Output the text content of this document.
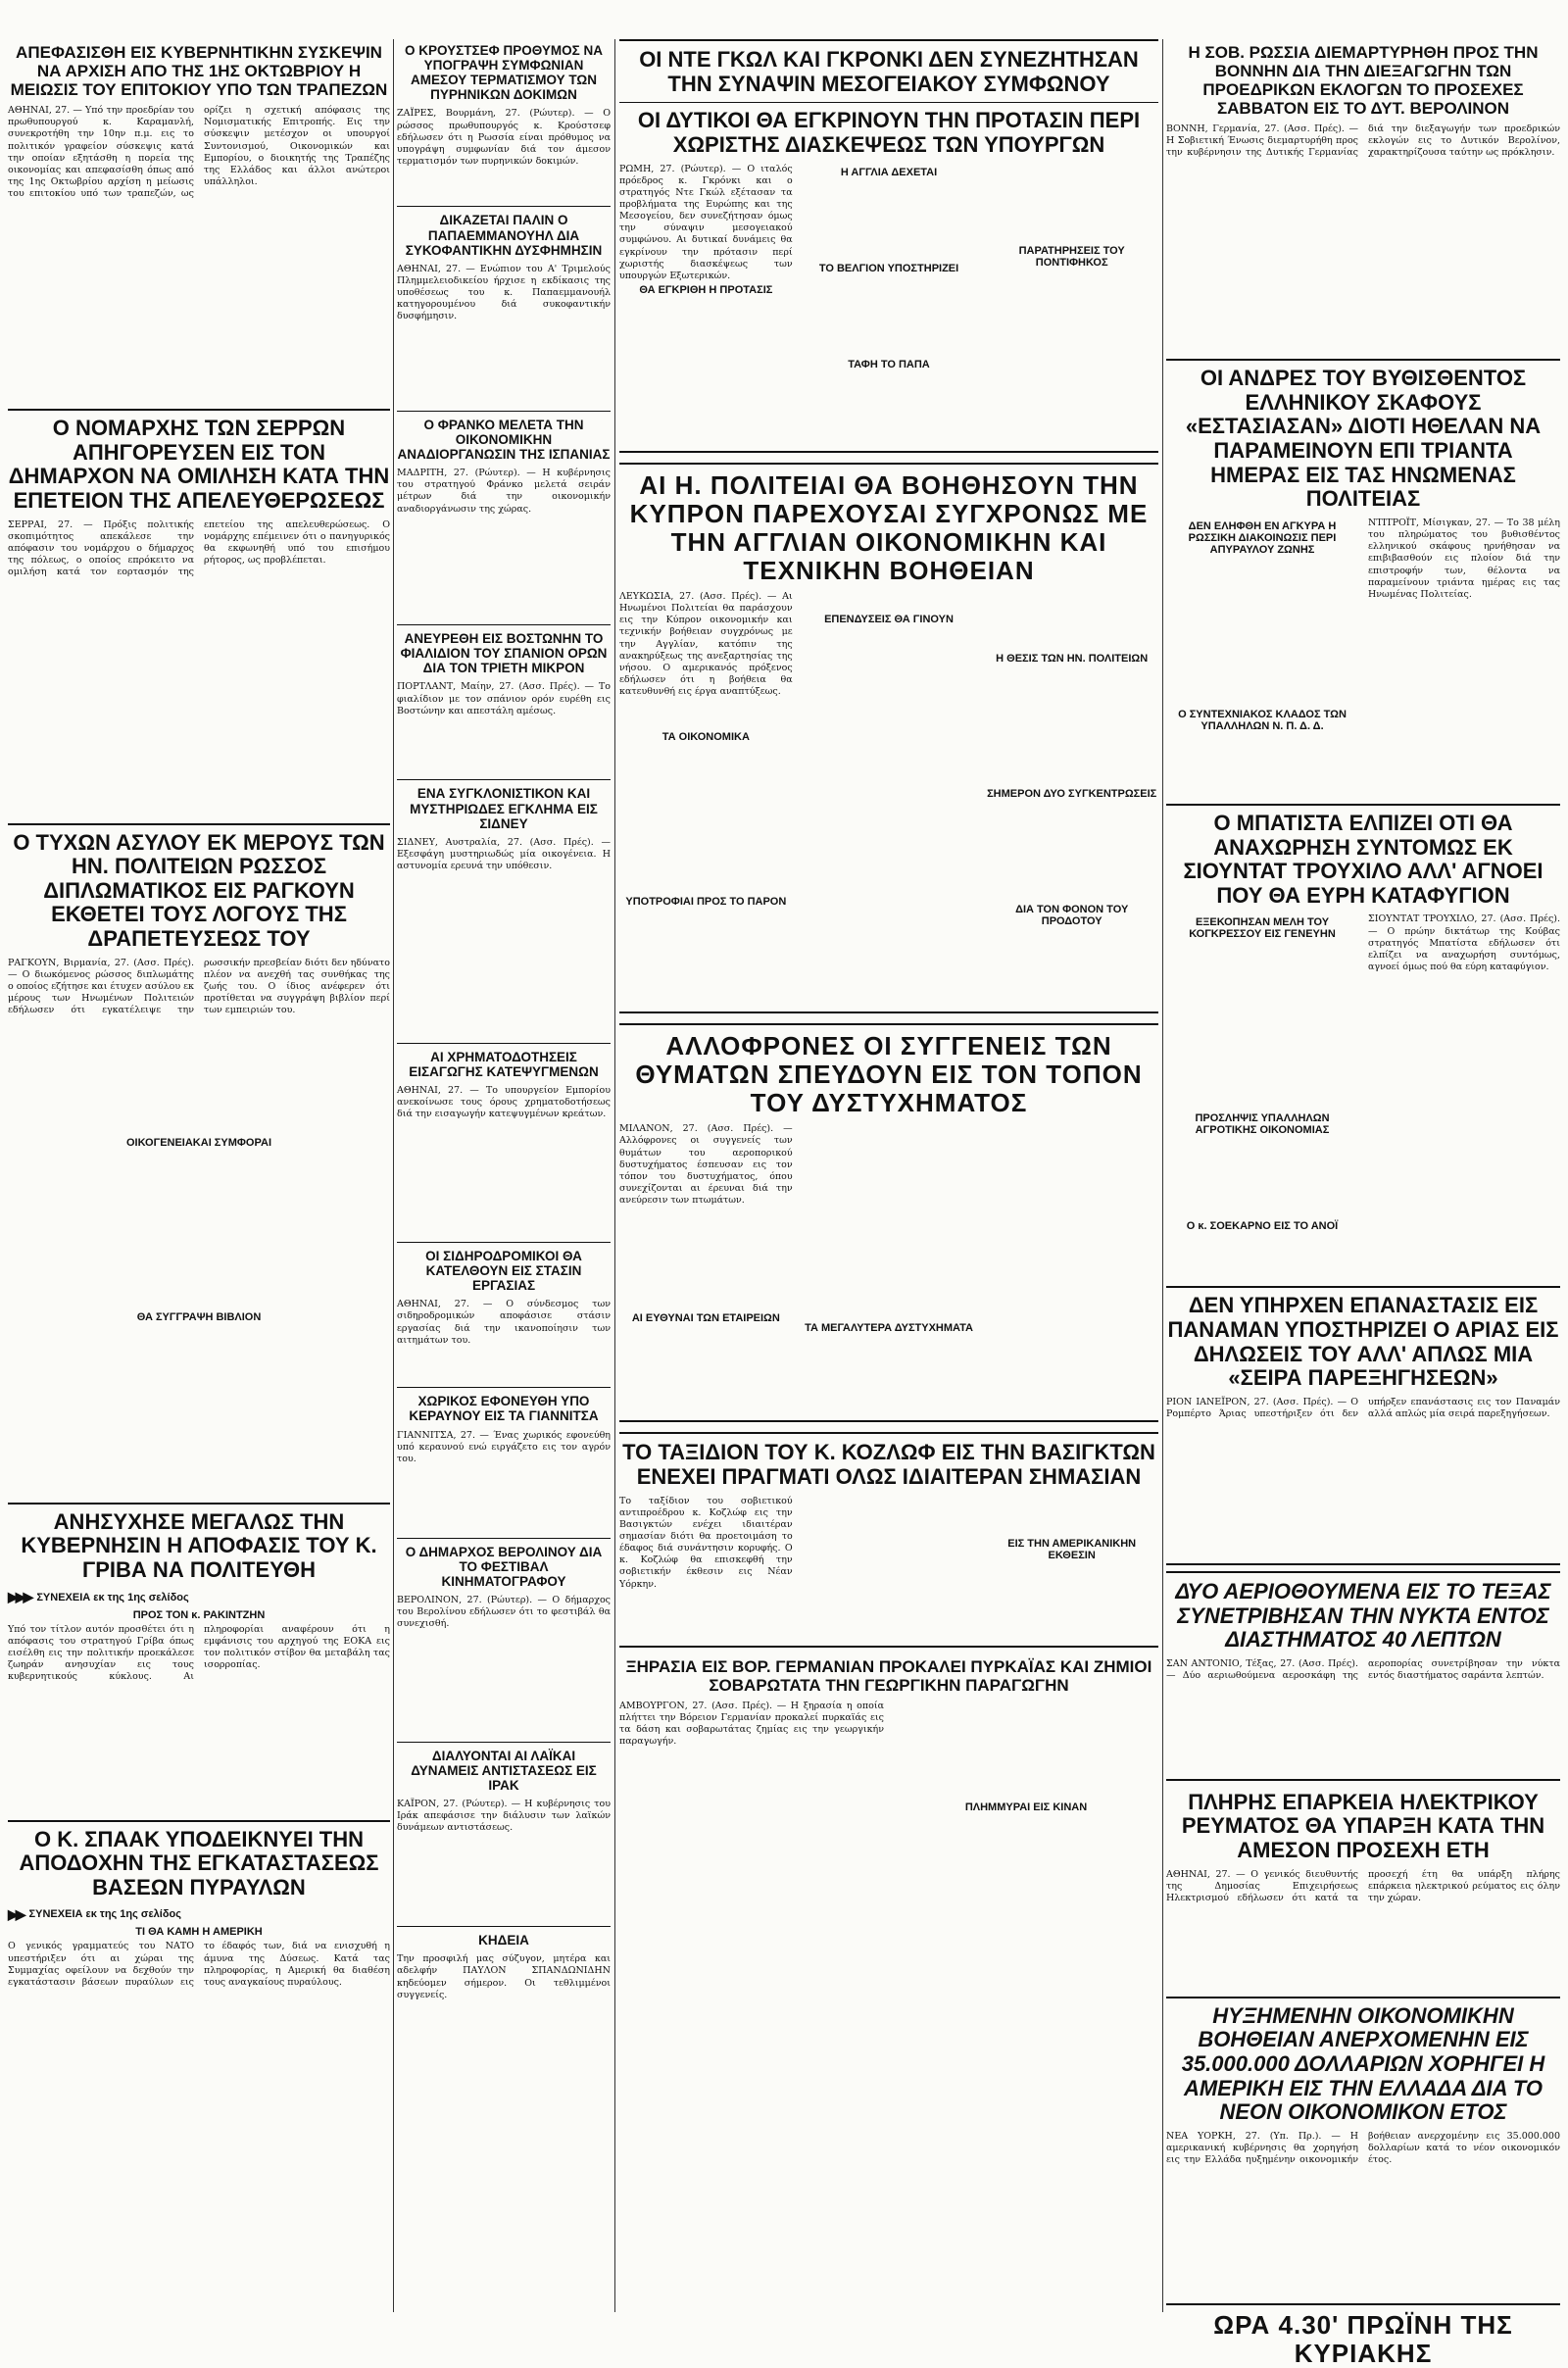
ΑΠΕΦΑΣΙΣΘΗ ΕΙΣ ΚΥΒΕΡΝΗΤΙΚΗΝ ΣΥΣΚΕΨΙΝ ΝΑ ΑΡΧΙΣΗ ΑΠΟ ΤΗΣ 1ΗΣ ΟΚΤΩΒΡΙΟΥ Η ΜΕΙΩΣΙΣ ΤΟΥ ΕΠΙΤΟΚΙΟΥ ΥΠΟ ΤΩΝ ΤΡΑΠΕΖΩΝ

ΑΘΗΝΑΙ, 27. — Υπό την προεδρίαν του πρωθυπουργού κ. Καραμανλή, συνεκροτήθη την 10ην π.μ. εις το πολιτικόν γραφείον σύσκεψις κατά την οποίαν εξητάσθη η πορεία της οικονομίας και απεφασίσθη όπως από της 1ης Οκτωβρίου αρχίση η μείωσις του επιτοκίου υπό των τραπεζών, ως ορίζει η σχετική απόφασις της Νομισματικής Επιτροπής. Εις την σύσκεψιν μετέσχον οι υπουργοί Συντονισμού, Οικονομικών και Εμπορίου, ο διοικητής της Τραπέζης της Ελλάδος και άλλοι ανώτεροι υπάλληλοι.

Ο ΝΟΜΑΡΧΗΣ ΤΩΝ ΣΕΡΡΩΝ ΑΠΗΓΟΡΕΥΣΕΝ ΕΙΣ ΤΟΝ ΔΗΜΑΡΧΟΝ ΝΑ ΟΜΙΛΗΣΗ ΚΑΤΑ ΤΗΝ ΕΠΕΤΕΙΟΝ ΤΗΣ ΑΠΕΛΕΥΘΕΡΩΣΕΩΣ

ΣΕΡΡΑΙ, 27. — Πρόξις πολιτικής σκοπιμότητος απεκάλεσε την απόφασιν του νομάρχου ο δήμαρχος της πόλεως, ο οποίος επρόκειτο να ομιλήση κατά τον εορτασμόν της επετείου της απελευθερώσεως. Ο νομάρχης επέμεινεν ότι ο πανηγυρικός θα εκφωνηθή υπό του επισήμου ρήτορος, ως προβλέπεται.

Ο ΤΥΧΩΝ ΑΣΥΛΟΥ ΕΚ ΜΕΡΟΥΣ ΤΩΝ ΗΝ. ΠΟΛΙΤΕΙΩΝ ΡΩΣΣΟΣ ΔΙΠΛΩΜΑΤΙΚΟΣ ΕΙΣ ΡΑΓΚΟΥΝ ΕΚΘΕΤΕΙ ΤΟΥΣ ΛΟΓΟΥΣ ΤΗΣ ΔΡΑΠΕΤΕΥΣΕΩΣ ΤΟΥ

ΡΑΓΚΟΥΝ, Βιρμανία, 27. (Ασσ. Πρές). — Ο διωκόμενος ρώσσος διπλωμάτης ο οποίος εζήτησε και έτυχεν ασύλου εκ μέρους των Ηνωμένων Πολιτειών εδήλωσεν ότι εγκατέλειψε την ρωσσικήν πρεσβείαν διότι δεν ηδύνατο πλέον να ανεχθή τας συνθήκας της ζωής του. Ο ίδιος ανέφερεν ότι προτίθεται να συγγράψη βιβλίον περί των εμπειριών του.

ΟΙΚΟΓΕΝΕΙΑΚΑΙ ΣΥΜΦΟΡΑΙ
ΘΑ ΣΥΓΓΡΑΨΗ ΒΙΒΛΙΟΝ
ΑΝΗΣΥΧΗΣΕ ΜΕΓΑΛΩΣ ΤΗΝ ΚΥΒΕΡΝΗΣΙΝ Η ΑΠΟΦΑΣΙΣ ΤΟΥ Κ. ΓΡΙΒΑ ΝΑ ΠΟΛΙΤΕΥΘΗ
▶▶▶ ΣΥΝΕΧΕΙΑ εκ της 1ης σελίδος
ΠΡΟΣ ΤΟΝ κ. ΡΑΚΙΝΤΖΗΝ

Υπό τον τίτλον αυτόν προσθέτει ότι η απόφασις του στρατηγού Γρίβα όπως εισέλθη εις την πολιτικήν προεκάλεσε ζωηράν ανησυχίαν εις τους κυβερνητικούς κύκλους. Αι πληροφορίαι αναφέρουν ότι η εμφάνισις του αρχηγού της ΕΟΚΑ εις τον πολιτικόν στίβον θα μεταβάλη τας ισορροπίας.

Ο Κ. ΣΠΑΑΚ ΥΠΟΔΕΙΚΝΥΕΙ ΤΗΝ ΑΠΟΔΟΧΗΝ ΤΗΣ ΕΓΚΑΤΑΣΤΑΣΕΩΣ ΒΑΣΕΩΝ ΠΥΡΑΥΛΩΝ
▶▶ ΣΥΝΕΧΕΙΑ εκ της 1ης σελίδος
ΤΙ ΘΑ ΚΑΜΗ Η ΑΜΕΡΙΚΗ

Ο γενικός γραμματεύς του ΝΑΤΟ υπεστήριξεν ότι αι χώραι της Συμμαχίας οφείλουν να δεχθούν την εγκατάστασιν βάσεων πυραύλων εις το έδαφός των, διά να ενισχυθή η άμυνα της Δύσεως. Κατά τας πληροφορίας, η Αμερική θα διαθέση τους αναγκαίους πυραύλους.

Ο ΚΡΟΥΣΤΣΕΦ ΠΡΟΘΥΜΟΣ ΝΑ ΥΠΟΓΡΑΨΗ ΣΥΜΦΩΝΙΑΝ ΑΜΕΣΟΥ ΤΕΡΜΑΤΙΣΜΟΥ ΤΩΝ ΠΥΡΗΝΙΚΩΝ ΔΟΚΙΜΩΝ

ΖΑΪΡΕΣ, Βουρμάνη, 27. (Ρώυτερ). — Ο ρώσσος πρωθυπουργός κ. Κρούστσεφ εδήλωσεν ότι η Ρωσσία είναι πρόθυμος να υπογράψη συμφωνίαν διά τον άμεσον τερματισμόν των πυρηνικών δοκιμών.

ΔΙΚΑΖΕΤΑΙ ΠΑΛΙΝ Ο ΠΑΠΑΕΜΜΑΝΟΥΗΛ ΔΙΑ ΣΥΚΟΦΑΝΤΙΚΗΝ ΔΥΣΦΗΜΗΣΙΝ

ΑΘΗΝΑΙ, 27. — Ενώπιον του Α' Τριμελούς Πλημμελειοδικείου ήρχισε η εκδίκασις της υποθέσεως του κ. Παπαεμμανουήλ κατηγορουμένου διά συκοφαντικήν δυσφήμησιν.

Ο ΦΡΑΝΚΟ ΜΕΛΕΤΑ ΤΗΝ ΟΙΚΟΝΟΜΙΚΗΝ ΑΝΑΔΙΟΡΓΑΝΩΣΙΝ ΤΗΣ ΙΣΠΑΝΙΑΣ

ΜΑΔΡΙΤΗ, 27. (Ρώυτερ). — Η κυβέρνησις του στρατηγού Φράνκο μελετά σειράν μέτρων διά την οικονομικήν αναδιοργάνωσιν της χώρας.

ΑΝΕΥΡΕΘΗ ΕΙΣ ΒΟΣΤΩΝΗΝ ΤΟ ΦΙΑΛΙΔΙΟΝ ΤΟΥ ΣΠΑΝΙΟΝ ΟΡΩΝ ΔΙΑ ΤΟΝ ΤΡΙΕΤΗ ΜΙΚΡΟΝ

ΠΟΡΤΛΑΝΤ, Μαίην, 27. (Ασσ. Πρές). — Το φιαλίδιον με τον σπάνιον ορόν ευρέθη εις Βοστώνην και απεστάλη αμέσως.

ΕΝΑ ΣΥΓΚΛΟΝΙΣΤΙΚΟΝ ΚΑΙ ΜΥΣΤΗΡΙΩΔΕΣ ΕΓΚΛΗΜΑ ΕΙΣ ΣΙΔΝΕΥ

ΣΙΔΝΕΥ, Αυστραλία, 27. (Ασσ. Πρές). — Εξεσφάγη μυστηριωδώς μία οικογένεια. Η αστυνομία ερευνά την υπόθεσιν.

ΑΙ ΧΡΗΜΑΤΟΔΟΤΗΣΕΙΣ ΕΙΣΑΓΩΓΗΣ ΚΑΤΕΨΥΓΜΕΝΩΝ

ΑΘΗΝΑΙ, 27. — Το υπουργείον Εμπορίου ανεκοίνωσε τους όρους χρηματοδοτήσεως διά την εισαγωγήν κατεψυγμένων κρεάτων.

ΟΙ ΣΙΔΗΡΟΔΡΟΜΙΚΟΙ ΘΑ ΚΑΤΕΛΘΟΥΝ ΕΙΣ ΣΤΑΣΙΝ ΕΡΓΑΣΙΑΣ

ΑΘΗΝΑΙ, 27. — Ο σύνδεσμος των σιδηροδρομικών αποφάσισε στάσιν εργασίας διά την ικανοποίησιν των αιτημάτων του.

ΧΩΡΙΚΟΣ ΕΦΟΝΕΥΘΗ ΥΠΟ ΚΕΡΑΥΝΟΥ ΕΙΣ ΤΑ ΓΙΑΝΝΙΤΣΑ

ΓΙΑΝΝΙΤΣΑ, 27. — Ένας χωρικός εφονεύθη υπό κεραυνού ενώ ειργάζετο εις τον αγρόν του.

Ο ΔΗΜΑΡΧΟΣ ΒΕΡΟΛΙΝΟΥ ΔΙΑ ΤΟ ΦΕΣΤΙΒΑΛ ΚΙΝΗΜΑΤΟΓΡΑΦΟΥ

ΒΕΡΟΛΙΝΟΝ, 27. (Ρώυτερ). — Ο δήμαρχος του Βερολίνου εδήλωσεν ότι το φεστιβάλ θα συνεχισθή.

ΔΙΑΛΥΟΝΤΑΙ ΑΙ ΛΑΪΚΑΙ ΔΥΝΑΜΕΙΣ ΑΝΤΙΣΤΑΣΕΩΣ ΕΙΣ ΙΡΑΚ

ΚΑΪΡΟΝ, 27. (Ρώυτερ). — Η κυβέρνησις του Ιράκ απεφάσισε την διάλυσιν των λαϊκών δυνάμεων αντιστάσεως.

ΚΗΔΕΙΑ

Την προσφιλή μας σύζυγον, μητέρα και αδελφήν ΠΑΥΛΟΝ ΣΠΑΝΔΩΝΙΔΗΝ κηδεύομεν σήμερον. Οι τεθλιμμένοι συγγενείς.

ΟΙ ΝΤΕ ΓΚΩΛ ΚΑΙ ΓΚΡΟΝΚΙ ΔΕΝ ΣΥΝΕΖΗΤΗΣΑΝ ΤΗΝ ΣΥΝΑΨΙΝ ΜΕΣΟΓΕΙΑΚΟΥ ΣΥΜΦΩΝΟΥ
ΟΙ ΔΥΤΙΚΟΙ ΘΑ ΕΓΚΡΙΝΟΥΝ ΤΗΝ ΠΡΟΤΑΣΙΝ ΠΕΡΙ ΧΩΡΙΣΤΗΣ ΔΙΑΣΚΕΨΕΩΣ ΤΩΝ ΥΠΟΥΡΓΩΝ

ΡΩΜΗ, 27. (Ρώυτερ). — Ο ιταλός πρόεδρος κ. Γκρόνκι και ο στρατηγός Ντε Γκώλ εξέτασαν τα προβλήματα της Ευρώπης και της Μεσογείου, δεν συνεζήτησαν όμως την σύναψιν μεσογειακού συμφώνου. Αι δυτικαί δυνάμεις θα εγκρίνουν την πρότασιν περί χωριστής διασκέψεως των υπουργών Εξωτερικών.

ΘΑ ΕΓΚΡΙΘΗ Η ΠΡΟΤΑΣΙΣ
Η ΑΓΓΛΙΑ ΔΕΧΕΤΑΙ
ΤΟ ΒΕΛΓΙΟΝ ΥΠΟΣΤΗΡΙΖΕΙ
ΤΑΦΗ ΤΟ ΠΑΠΑ
ΠΑΡΑΤΗΡΗΣΕΙΣ ΤΟΥ ΠΟΝΤΙΦΗΚΟΣ
ΑΙ Η. ΠΟΛΙΤΕΙΑΙ ΘΑ ΒΟΗΘΗΣΟΥΝ ΤΗΝ ΚΥΠΡΟΝ ΠΑΡΕΧΟΥΣΑΙ ΣΥΓΧΡΟΝΩΣ ΜΕ ΤΗΝ ΑΓΓΛΙΑΝ ΟΙΚΟΝΟΜΙΚΗΝ ΚΑΙ ΤΕΧΝΙΚΗΝ ΒΟΗΘΕΙΑΝ

ΛΕΥΚΩΣΙΑ, 27. (Ασσ. Πρές). — Αι Ηνωμένοι Πολιτείαι θα παράσχουν εις την Κύπρον οικονομικήν και τεχνικήν βοήθειαν συγχρόνως με την Αγγλίαν, κατόπιν της ανακηρύξεως της ανεξαρτησίας της νήσου. Ο αμερικανός πρόξενος εδήλωσεν ότι η βοήθεια θα κατευθυνθή εις έργα αναπτύξεως.

ΤΑ ΟΙΚΟΝΟΜΙΚΑ
ΥΠΟΤΡΟΦΙΑΙ ΠΡΟΣ ΤΟ ΠΑΡΟΝ
ΕΠΕΝΔΥΣΕΙΣ ΘΑ ΓΙΝΟΥΝ
Η ΘΕΣΙΣ ΤΩΝ ΗΝ. ΠΟΛΙΤΕΙΩΝ
ΣΗΜΕΡΟΝ ΔΥΟ ΣΥΓΚΕΝΤΡΩΣΕΙΣ
ΔΙΑ ΤΟΝ ΦΟΝΟΝ ΤΟΥ ΠΡΟΔΟΤΟΥ
ΑΛΛΟΦΡΟΝΕΣ ΟΙ ΣΥΓΓΕΝΕΙΣ ΤΩΝ ΘΥΜΑΤΩΝ ΣΠΕΥΔΟΥΝ ΕΙΣ ΤΟΝ ΤΟΠΟΝ ΤΟΥ ΔΥΣΤΥΧΗΜΑΤΟΣ

ΜΙΛΑΝΟΝ, 27. (Ασσ. Πρές). — Αλλόφρονες οι συγγενείς των θυμάτων του αεροπορικού δυστυχήματος έσπευσαν εις τον τόπον του δυστυχήματος, όπου συνεχίζονται αι έρευναι διά την ανεύρεσιν των πτωμάτων.

ΑΙ ΕΥΘΥΝΑΙ ΤΩΝ ΕΤΑΙΡΕΙΩΝ
ΤΑ ΜΕΓΑΛΥΤΕΡΑ ΔΥΣΤΥΧΗΜΑΤΑ
ΤΟ ΤΑΞΙΔΙΟΝ ΤΟΥ Κ. ΚΟΖΛΩΦ ΕΙΣ ΤΗΝ ΒΑΣΙΓΚΤΩΝ ΕΝΕΧΕΙ ΠΡΑΓΜΑΤΙ ΟΛΩΣ ΙΔΙΑΙΤΕΡΑΝ ΣΗΜΑΣΙΑΝ

Το ταξίδιον του σοβιετικού αντιπροέδρου κ. Κοζλώφ εις την Βασιγκτών ενέχει ιδιαιτέραν σημασίαν διότι θα προετοιμάση το έδαφος διά συνάντησιν κορυφής. Ο κ. Κοζλώφ θα επισκεφθή την σοβιετικήν έκθεσιν εις Νέαν Υόρκην.

ΕΙΣ ΤΗΝ ΑΜΕΡΙΚΑΝΙΚΗΝ ΕΚΘΕΣΙΝ
ΞΗΡΑΣΙΑ ΕΙΣ ΒΟΡ. ΓΕΡΜΑΝΙΑΝ ΠΡΟΚΑΛΕΙ ΠΥΡΚΑΪΑΣ ΚΑΙ ΖΗΜΙΟΙ ΣΟΒΑΡΩΤΑΤΑ ΤΗΝ ΓΕΩΡΓΙΚΗΝ ΠΑΡΑΓΩΓΗΝ

ΑΜΒΟΥΡΓΟΝ, 27. (Ασσ. Πρές). — Η ξηρασία η οποία πλήττει την Βόρειον Γερμανίαν προκαλεί πυρκαϊάς εις τα δάση και σοβαρωτάτας ζημίας εις την γεωργικήν παραγωγήν.

ΠΛΗΜΜΥΡΑΙ ΕΙΣ ΚΙΝΑΝ
Η ΣΟΒ. ΡΩΣΣΙΑ ΔΙΕΜΑΡΤΥΡΗΘΗ ΠΡΟΣ ΤΗΝ ΒΟΝΝΗΝ ΔΙΑ ΤΗΝ ΔΙΕΞΑΓΩΓΗΝ ΤΩΝ ΠΡΟΕΔΡΙΚΩΝ ΕΚΛΟΓΩΝ ΤΟ ΠΡΟΣΕΧΕΣ ΣΑΒΒΑΤΟΝ ΕΙΣ ΤΟ ΔΥΤ. ΒΕΡΟΛΙΝΟΝ

ΒΟΝΝΗ, Γερμανία, 27. (Ασσ. Πρές). — Η Σοβιετική Ένωσις διεμαρτυρήθη προς την κυβέρνησιν της Δυτικής Γερμανίας διά την διεξαγωγήν των προεδρικών εκλογών εις το Δυτικόν Βερολίνον, χαρακτηρίζουσα ταύτην ως πρόκλησιν.

ΟΙ ΑΝΔΡΕΣ ΤΟΥ ΒΥΘΙΣΘΕΝΤΟΣ ΕΛΛΗΝΙΚΟΥ ΣΚΑΦΟΥΣ «ΕΣΤΑΣΙΑΣΑΝ» ΔΙΟΤΙ ΗΘΕΛΑΝ ΝΑ ΠΑΡΑΜΕΙΝΟΥΝ ΕΠΙ ΤΡΙΑΝΤΑ ΗΜΕΡΑΣ ΕΙΣ ΤΑΣ ΗΝΩΜΕΝΑΣ ΠΟΛΙΤΕΙΑΣ
ΔΕΝ ΕΛΗΦΘΗ ΕΝ ΑΓΚΥΡΑ Η ΡΩΣΣΙΚΗ ΔΙΑΚΟΙΝΩΣΙΣ ΠΕΡΙ ΑΠΥΡΑΥΛΟΥ ΖΩΝΗΣ
Ο ΣΥΝΤΕΧΝΙΑΚΟΣ ΚΛΑΔΟΣ ΤΩΝ ΥΠΑΛΛΗΛΩΝ Ν. Π. Δ. Δ.

ΝΤΙΤΡΟΪΤ, Μίσιγκαν, 27. — Το 38 μέλη του πληρώματος του βυθισθέντος ελληνικού σκάφους ηρνήθησαν να επιβιβασθούν εις πλοίον διά την επιστροφήν των, θέλοντα να παραμείνουν τριάντα ημέρας εις τας Ηνωμένας Πολιτείας.

Ο ΜΠΑΤΙΣΤΑ ΕΛΠΙΖΕΙ ΟΤΙ ΘΑ ΑΝΑΧΩΡΗΣΗ ΣΥΝΤΟΜΩΣ ΕΚ ΣΙΟΥΝΤΑΤ ΤΡΟΥΧΙΛΟ ΑΛΛ' ΑΓΝΟΕΙ ΠΟΥ ΘΑ ΕΥΡΗ ΚΑΤΑΦΥΓΙΟΝ
ΕΞΕΚΟΠΗΣΑΝ ΜΕΛΗ ΤΟΥ ΚΟΓΚΡΕΣΣΟΥ ΕΙΣ ΓΕΝΕΥΗΝ
ΠΡΟΣΛΗΨΙΣ ΥΠΑΛΛΗΛΩΝ ΑΓΡΟΤΙΚΗΣ ΟΙΚΟΝΟΜΙΑΣ
Ο κ. ΣΟΕΚΑΡΝΟ ΕΙΣ ΤΟ ΑΝΟΪ

ΣΙΟΥΝΤΑΤ ΤΡΟΥΧΙΛΟ, 27. (Ασσ. Πρές). — Ο πρώην δικτάτωρ της Κούβας στρατηγός Μπατίστα εδήλωσεν ότι ελπίζει να αναχωρήση συντόμως, αγνοεί όμως πού θα εύρη καταφύγιον.

ΔΕΝ ΥΠΗΡΧΕΝ ΕΠΑΝΑΣΤΑΣΙΣ ΕΙΣ ΠΑΝΑΜΑΝ ΥΠΟΣΤΗΡΙΖΕΙ Ο ΑΡΙΑΣ ΕΙΣ ΔΗΛΩΣΕΙΣ ΤΟΥ ΑΛΛ' ΑΠΛΩΣ ΜΙΑ «ΣΕΙΡΑ ΠΑΡΕΞΗΓΗΣΕΩΝ»

ΡΙΟΝ ΙΑΝΕΪΡΟΝ, 27. (Ασσ. Πρές). — Ο Ρομπέρτο Άριας υπεστήριξεν ότι δεν υπήρξεν επανάστασις εις τον Παναμάν αλλά απλώς μία σειρά παρεξηγήσεων.

ΔΥΟ ΑΕΡΙΟΘΟΥΜΕΝΑ ΕΙΣ ΤΟ ΤΕΞΑΣ ΣΥΝΕΤΡΙΒΗΣΑΝ ΤΗΝ ΝΥΚΤΑ ΕΝΤΟΣ ΔΙΑΣΤΗΜΑΤΟΣ 40 ΛΕΠΤΩΝ

ΣΑΝ ΑΝΤΟΝΙΟ, Τέξας, 27. (Ασσ. Πρές). — Δύο αεριωθούμενα αεροσκάφη της αεροπορίας συνετρίβησαν την νύκτα εντός διαστήματος σαράντα λεπτών.

ΠΛΗΡΗΣ ΕΠΑΡΚΕΙΑ ΗΛΕΚΤΡΙΚΟΥ ΡΕΥΜΑΤΟΣ ΘΑ ΥΠΑΡΞΗ ΚΑΤΑ ΤΗΝ ΑΜΕΣΟΝ ΠΡΟΣΕΧΗ ΕΤΗ

ΑΘΗΝΑΙ, 27. — Ο γενικός διευθυντής της Δημοσίας Επιχειρήσεως Ηλεκτρισμού εδήλωσεν ότι κατά τα προσεχή έτη θα υπάρξη πλήρης επάρκεια ηλεκτρικού ρεύματος εις όλην την χώραν.

ΗΥΞΗΜΕΝΗΝ ΟΙΚΟΝΟΜΙΚΗΝ ΒΟΗΘΕΙΑΝ ΑΝΕΡΧΟΜΕΝΗΝ ΕΙΣ 35.000.000 ΔΟΛΛΑΡΙΩΝ ΧΟΡΗΓΕΙ Η ΑΜΕΡΙΚΗ ΕΙΣ ΤΗΝ ΕΛΛΑΔΑ ΔΙΑ ΤΟ ΝΕΟΝ ΟΙΚΟΝΟΜΙΚΟΝ ΕΤΟΣ

ΝΕΑ ΥΟΡΚΗ, 27. (Υπ. Πρ.). — Η αμερικανική κυβέρνησις θα χορηγήση εις την Ελλάδα ηυξημένην οικονομικήν βοήθειαν ανερχομένην εις 35.000.000 δολλαρίων κατά το νέον οικονομικόν έτος.

ΩΡΑ 4.30' ΠΡΩΪΝΗ ΤΗΣ ΚΥΡΙΑΚΗΣ
